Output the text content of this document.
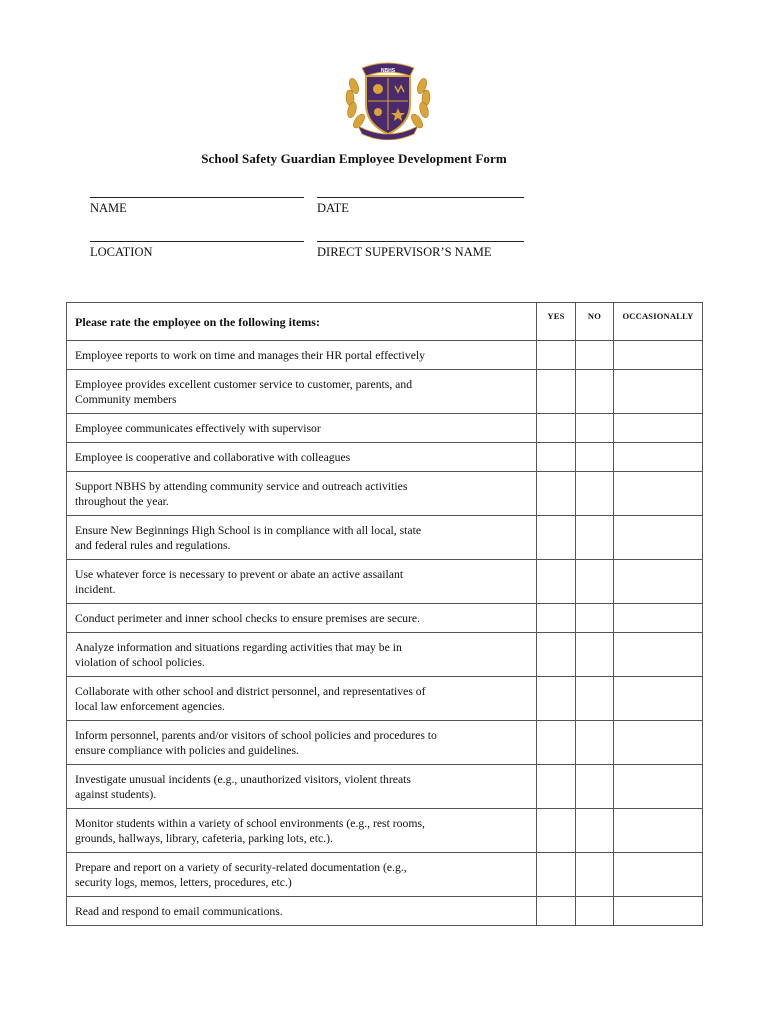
NBHS
School Safety Guardian Employee Development Form
NAME	DATE
LOCATION	DIRECT SUPERVISOR’S NAME
Please rate the employee on the following items:	YES	NO	OCCASIONALLY

Employee reports to work on time and manages their HR portal effectively			

Employee provides excellent customer service to customer, parents, and
Community members			

Employee communicates effectively with supervisor			

Employee is cooperative and collaborative with colleagues			

Support NBHS by attending community service and outreach activities
throughout the year.			

Ensure New Beginnings High School is in compliance with all local, state
and federal rules and regulations.			

Use whatever force is necessary to prevent or abate an active assailant
incident.			

Conduct perimeter and inner school checks to ensure premises are secure.			

Analyze information and situations regarding activities that may be in
violation of school policies.			

Collaborate with other school and district personnel, and representatives of
local law enforcement agencies.			

Inform personnel, parents and/or visitors of school policies and procedures to
ensure compliance with policies and guidelines.			

Investigate unusual incidents (e.g., unauthorized visitors, violent threats
against students).			

Monitor students within a variety of school environments (e.g., rest rooms,
grounds, hallways, library, cafeteria, parking lots, etc.).			

Prepare and report on a variety of security-related documentation (e.g.,
security logs, memos, letters, procedures, etc.)			

Read and respond to email communications.			
